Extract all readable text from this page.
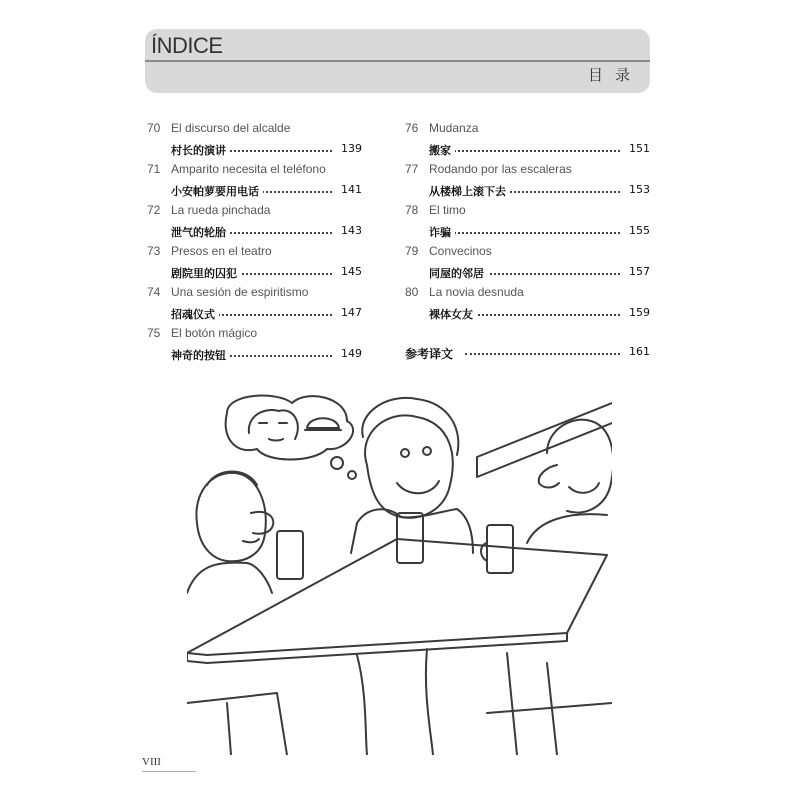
ÍNDICE
目录
70 El discurso del alcalde
村长的演讲	139
71 Amparito necesita el teléfono
小安帕萝要用电话	141
72 La rueda pinchada
泄气的轮胎	143
73 Presos en el teatro
剧院里的囚犯	145
74 Una sesión de espiritismo
招魂仪式	147
75 El botón mágico
神奇的按钮	149
76 Mudanza
搬家	151
77 Rodando por las escaleras
从楼梯上滚下去	153
78 El timo
诈骗	155
79 Convecinos
同屋的邻居	157
80 La novia desnuda
裸体女友	159
参考译文	161
VIII
